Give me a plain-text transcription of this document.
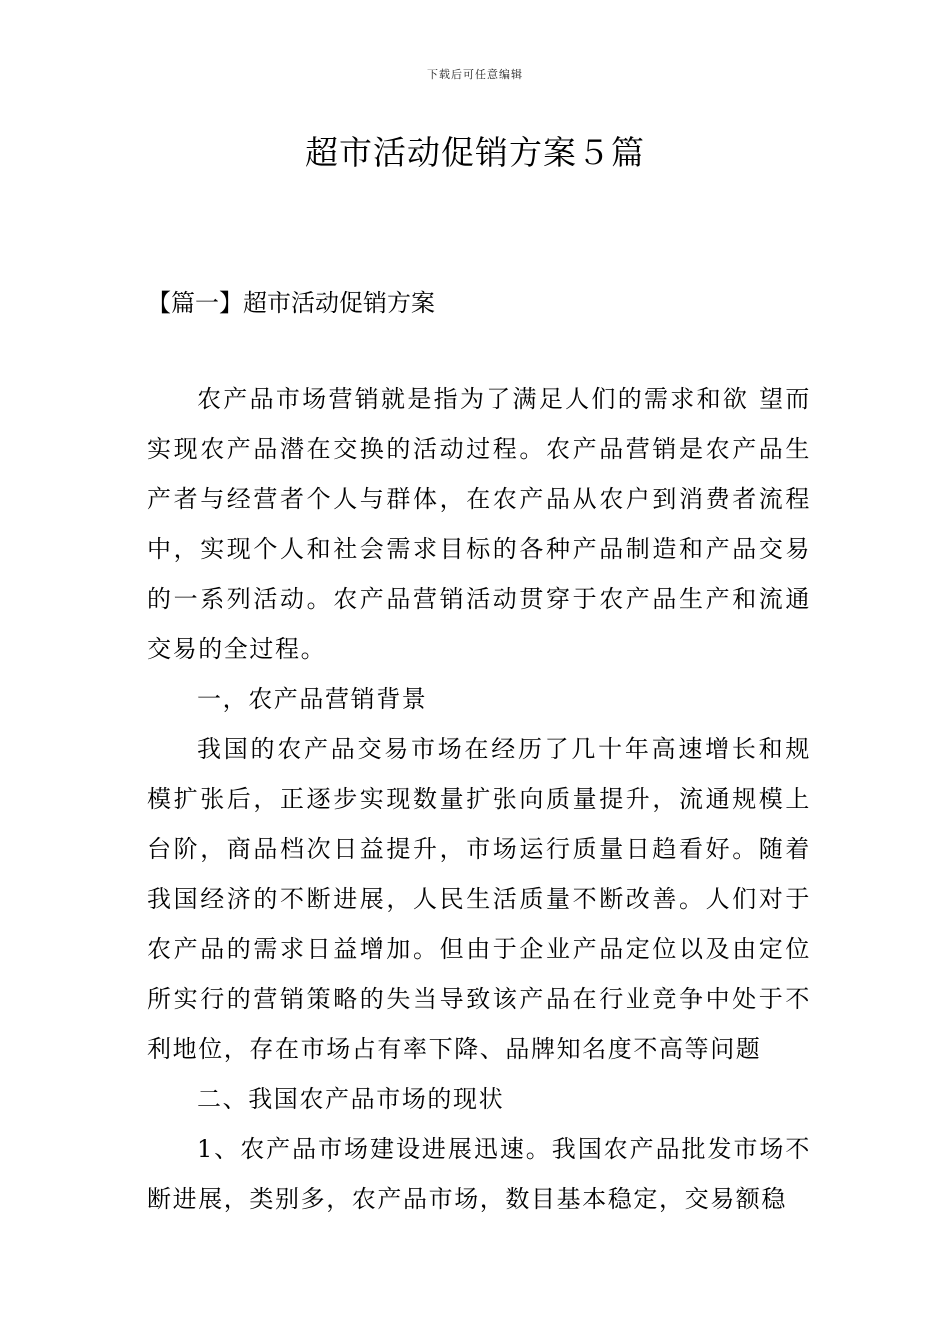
下载后可任意编辑
超市活动促销方案５篇
【篇一】超市活动促销方案

农产品市场营销就是指为了满足人们的需求和欲 望而实现农产品潜在交换的活动过程。农产品营销是农产品生产者与经营者个人与群体，在农产品从农户到消费者流程中，实现个人和社会需求目标的各种产品制造和产品交易的一系列活动。农产品营销活动贯穿于农产品生产和流通交易的全过程。

一，农产品营销背景

我国的农产品交易市场在经历了几十年高速增长和规模扩张后，正逐步实现数量扩张向质量提升，流通规模上台阶，商品档次日益提升，市场运行质量日趋看好。随着我国经济的不断进展，人民生活质量不断改善。人们对于农产品的需求日益增加。但由于企业产品定位以及由定位所实行的营销策略的失当导致该产品在行业竞争中处于不利地位，存在市场占有率下降、品牌知名度不高等问题

二、我国农产品市场的现状

1、农产品市场建设进展迅速。我国农产品批发市场不断进展，类别多，农产品市场，数目基本稳定，交易额稳
